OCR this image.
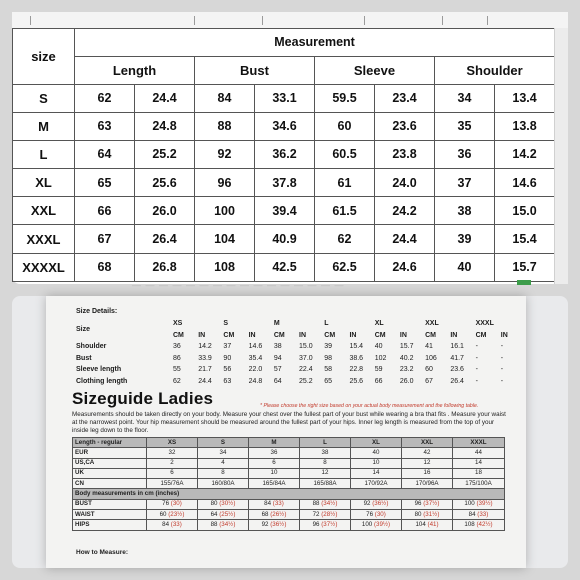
size	Measurement							
	Length		Bust		Sleeve		Shoulder	
S	62	24.4	84	33.1	59.5	23.4	34	13.4
M	63	24.8	88	34.6	60	23.6	35	13.8
L	64	25.2	92	36.2	60.5	23.8	36	14.2
XL	65	25.6	96	37.8	61	24.0	37	14.6
XXL	66	26.0	100	39.4	61.5	24.2	38	15.0
XXXL	67	26.4	104	40.9	62	24.4	39	15.4
XXXXL	68	26.8	108	42.5	62.5	24.6	40	15.7
— — — — — — — — — — — — — — — —
Size Details:
Size	XS		S		M		L		XL		XXL		XXXL	
	CM	IN	CM	IN	CM	IN	CM	IN	CM	IN	CM	IN	CM	IN
Shoulder	36	14.2	37	14.6	38	15.0	39	15.4	40	15.7	41	16.1	-	-
Bust	86	33.9	90	35.4	94	37.0	98	38.6	102	40.2	106	41.7	-	-
Sleeve length	55	21.7	56	22.0	57	22.4	58	22.8	59	23.2	60	23.6	-	-
Clothing length	62	24.4	63	24.8	64	25.2	65	25.6	66	26.0	67	26.4	-	-
Sizeguide Ladies	* Please choose the right size based on your actual body measurement and the following table.
Measurements should be taken directly on your body. Measure your chest over the fullest part of your bust while wearing a bra that fits . Measure your waist at the narrowest point. Your hip measurement should be measured around the fullest part of your hips. Inner leg length is measured from the top of your inside leg down to the floor.
Length - regular	XS	S	M	L	XL	XXL	XXXL
EUR	32	34	36	38	40	42	44
US,CA	2	4	6	8	10	12	14
UK	6	8	10	12	14	16	18
CN	155/76A	160/80A	165/84A	165/88A	170/92A	170/96A	175/100A
Body measurements in cm (inches)							
BUST	76 (30)	80 (30½)	84 (33)	88 (34½)	92 (36½)	96 (37½)	100 (39½)
WAIST	60 (23½)	64 (25½)	68 (26½)	72 (28½)	76 (30)	80 (31½)	84 (33)
HIPS	84 (33)	88 (34½)	92 (36½)	96 (37½)	100 (39½)	104 (41)	108 (42½)
How to Measure:
